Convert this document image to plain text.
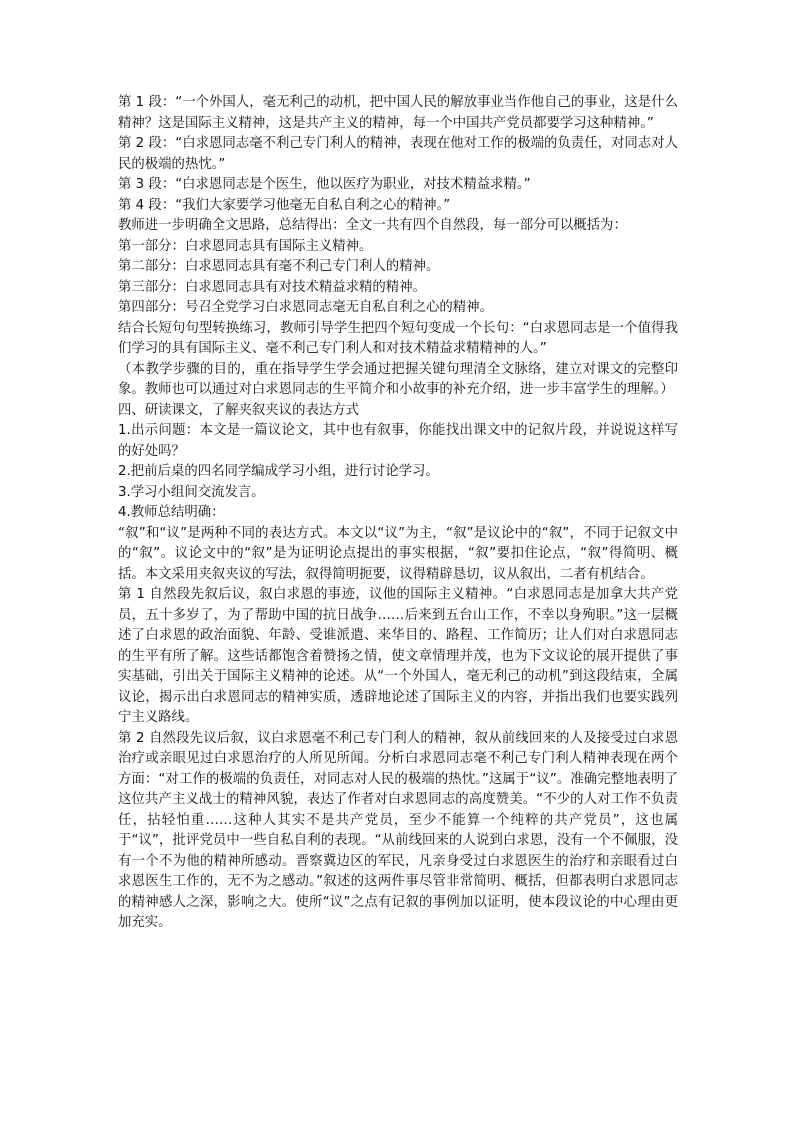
第 1 段：“一个外国人，毫无利己的动机，把中国人民的解放事业当作他自己的事业，这是什么精神？这是国际主义精神，这是共产主义的精神，每一个中国共产党员都要学习这种精神。”

第 2 段：“白求恩同志毫不利己专门利人的精神，表现在他对工作的极端的负责任，对同志对人民的极端的热忱。”

第 3 段：“白求恩同志是个医生，他以医疗为职业，对技术精益求精。”

第 4 段：“我们大家要学习他毫无自私自利之心的精神。”

教师进一步明确全文思路，总结得出：全文一共有四个自然段，每一部分可以概括为：

第一部分：白求恩同志具有国际主义精神。

第二部分：白求恩同志具有毫不利己专门利人的精神。

第三部分：白求恩同志具有对技术精益求精的精神。

第四部分：号召全党学习白求恩同志毫无自私自利之心的精神。

结合长短句句型转换练习，教师引导学生把四个短句变成一个长句：“白求恩同志是一个值得我们学习的具有国际主义、毫不利己专门利人和对技术精益求精精神的人。”

（本教学步骤的目的，重在指导学生学会通过把握关键句理清全文脉络，建立对课文的完整印象。教师也可以通过对白求恩同志的生平简介和小故事的补充介绍，进一步丰富学生的理解。）

四、研读课文，了解夹叙夹议的表达方式

1.出示问题：本文是一篇议论文，其中也有叙事，你能找出课文中的记叙片段，并说说这样写的好处吗？

2.把前后桌的四名同学编成学习小组，进行讨论学习。

3.学习小组间交流发言。

4.教师总结明确：

“叙”和“议”是两种不同的表达方式。本文以“议”为主，“叙”是议论中的“叙”，不同于记叙文中的“叙”。议论文中的“叙”是为证明论点提出的事实根据，“叙”要扣住论点，“叙”得简明、概括。本文采用夹叙夹议的写法，叙得简明扼要，议得精辟恳切，议从叙出，二者有机结合。

第 1 自然段先叙后议，叙白求恩的事迹，议他的国际主义精神。“白求恩同志是加拿大共产党员，五十多岁了，为了帮助中国的抗日战争……后来到五台山工作，不幸以身殉职。”这一层概述了白求恩的政治面貌、年龄、受谁派遣、来华目的、路程、工作简历；让人们对白求恩同志的生平有所了解。这些话都饱含着赞扬之情，使文章情理并茂，也为下文议论的展开提供了事实基础，引出关于国际主义精神的论述。从“一个外国人，毫无利己的动机”到这段结束，全属议论，揭示出白求恩同志的精神实质，透辟地论述了国际主义的内容，并指出我们也要实践列宁主义路线。

第 2 自然段先议后叙，议白求恩毫不利己专门利人的精神，叙从前线回来的人及接受过白求恩治疗或亲眼见过白求恩治疗的人所见所闻。分析白求恩同志毫不利己专门利人精神表现在两个方面：“对工作的极端的负责任，对同志对人民的极端的热忱。”这属于“议”。准确完整地表明了这位共产主义战士的精神风貌，表达了作者对白求恩同志的高度赞美。“不少的人对工作不负责任，拈轻怕重……这种人其实不是共产党员，至少不能算一个纯粹的共产党员”，这也属于“议”，批评党员中一些自私自利的表现。“从前线回来的人说到白求恩，没有一个不佩服，没有一个不为他的精神所感动。晋察冀边区的军民，凡亲身受过白求恩医生的治疗和亲眼看过白求恩医生工作的，无不为之感动。”叙述的这两件事尽管非常简明、概括，但都表明白求恩同志的精神感人之深，影响之大。使所“议”之点有记叙的事例加以证明，使本段议论的中心理由更加充实。
